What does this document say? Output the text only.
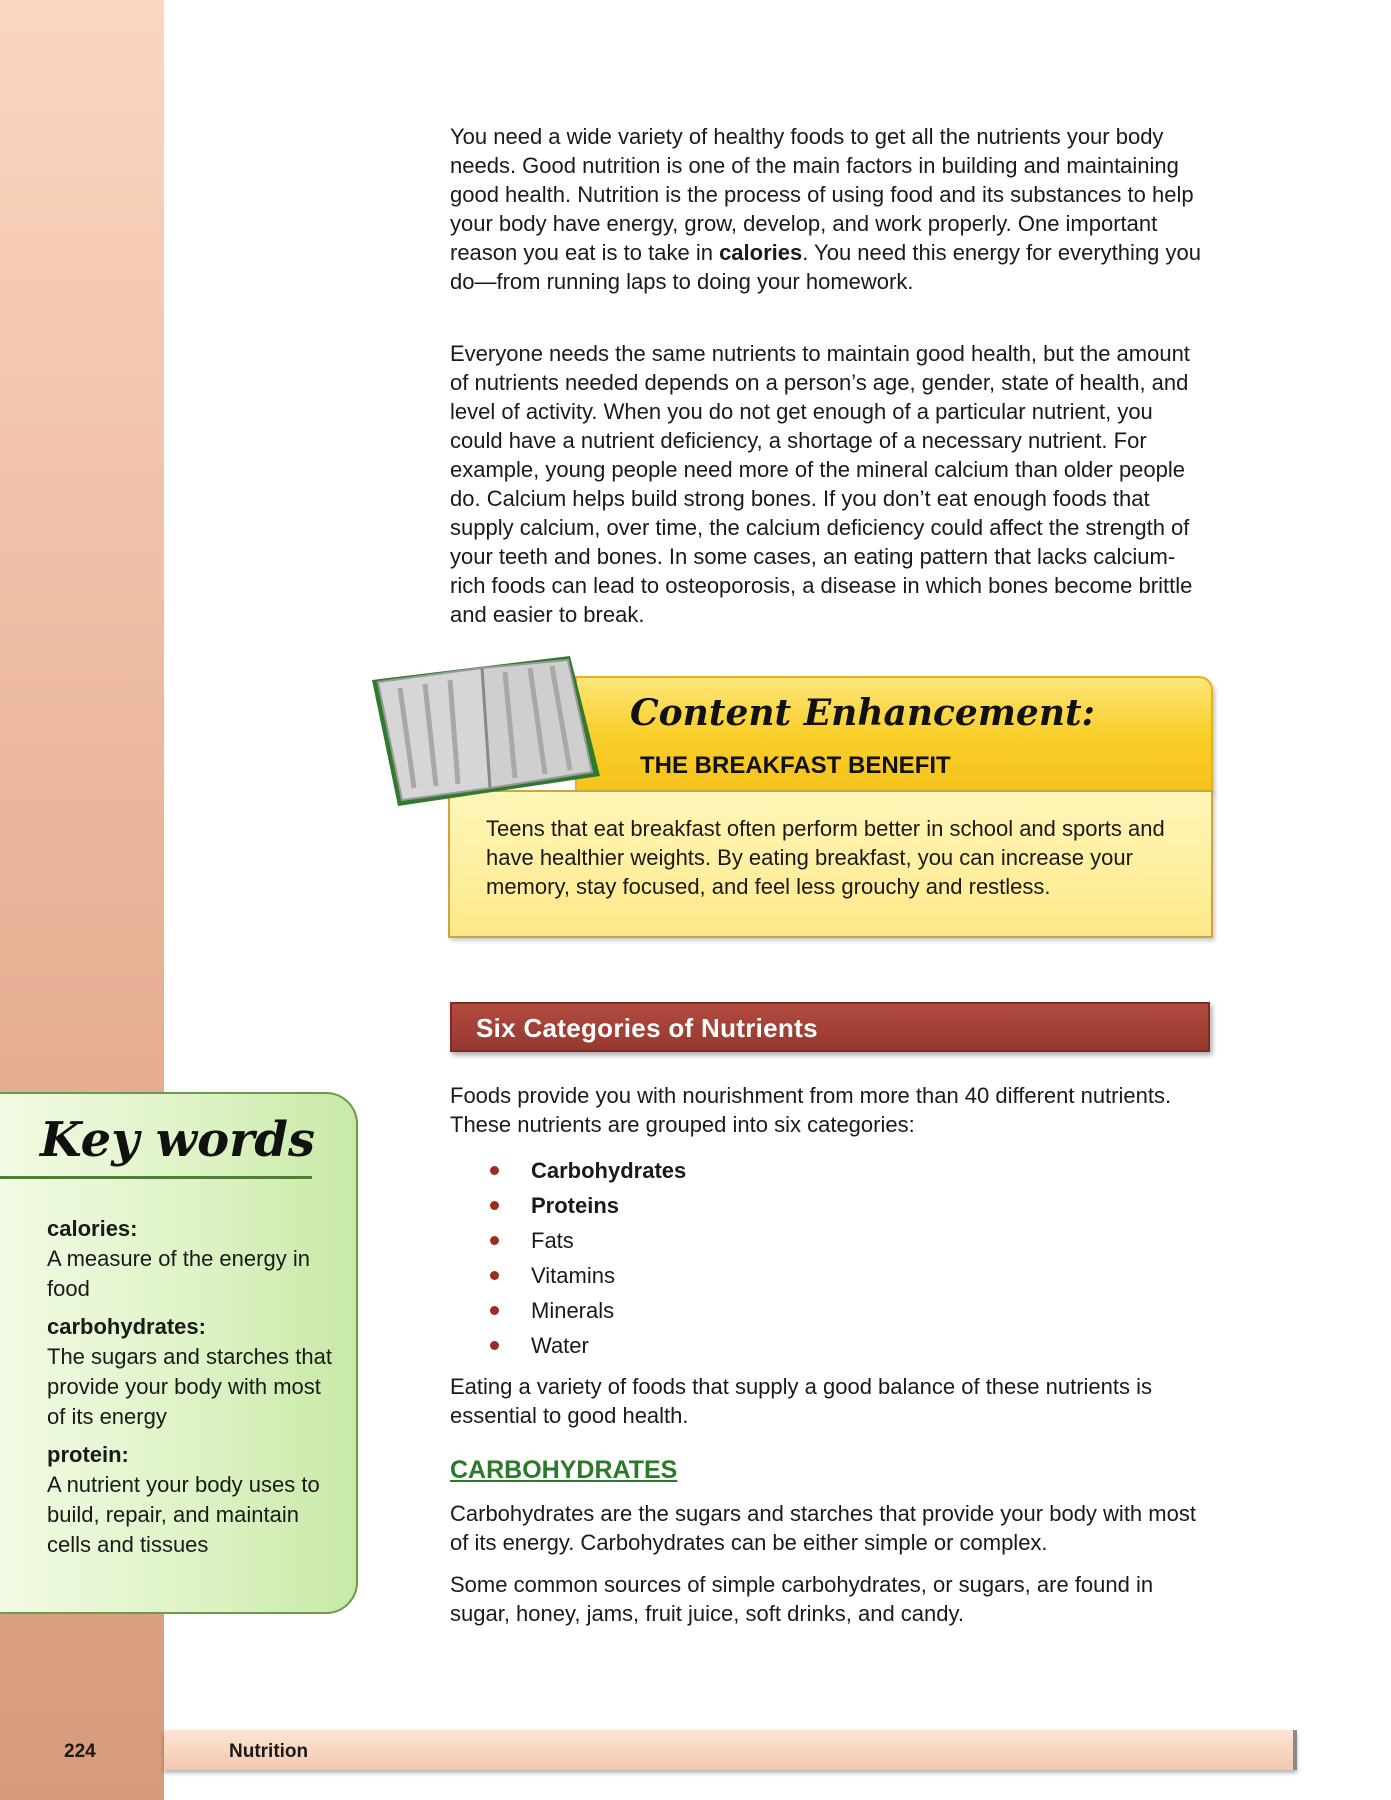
You need a wide variety of healthy foods to get all the nutrients your body needs. Good nutrition is one of the main factors in building and maintaining good health. Nutrition is the process of using food and its substances to help your body have energy, grow, develop, and work properly. One important reason you eat is to take in calories. You need this energy for everything you do—from running laps to doing your homework.

Everyone needs the same nutrients to maintain good health, but the amount of nutrients needed depends on a person’s age, gender, state of health, and level of activity. When you do not get enough of a particular nutrient, you could have a nutrient deficiency, a shortage of a necessary nutrient. For example, young people need more of the mineral calcium than older people do. Calcium helps build strong bones. If you don’t eat enough foods that supply calcium, over time, the calcium deficiency could affect the strength of your teeth and bones. In some cases, an eating pattern that lacks calcium-rich foods can lead to osteoporosis, a disease in which bones become brittle and easier to break.

Teens that eat breakfast often perform better in school and sports and have healthier weights. By eating breakfast, you can increase your memory, stay focused, and feel less grouchy and restless.
Content Enhancement:
THE BREAKFAST BENEFIT
Six Categories of Nutrients

Foods provide you with nourishment from more than 40 different nutrients. These nutrients are grouped into six categories:

Carbohydrates
Proteins
Fats
Vitamins
Minerals
Water

Eating a variety of foods that supply a good balance of these nutrients is essential to good health.

CARBOHYDRATES

Carbohydrates are the sugars and starches that provide your body with most of its energy. Carbohydrates can be either simple or complex.

Some common sources of simple carbohydrates, or sugars, are found in sugar, honey, jams, fruit juice, soft drinks, and candy.

Key words
calories:
A measure of the energy in food
carbohydrates:
The sugars and starches that provide your body with most of its energy
protein:
A nutrient your body uses to build, repair, and maintain cells and tissues
224	Nutrition
